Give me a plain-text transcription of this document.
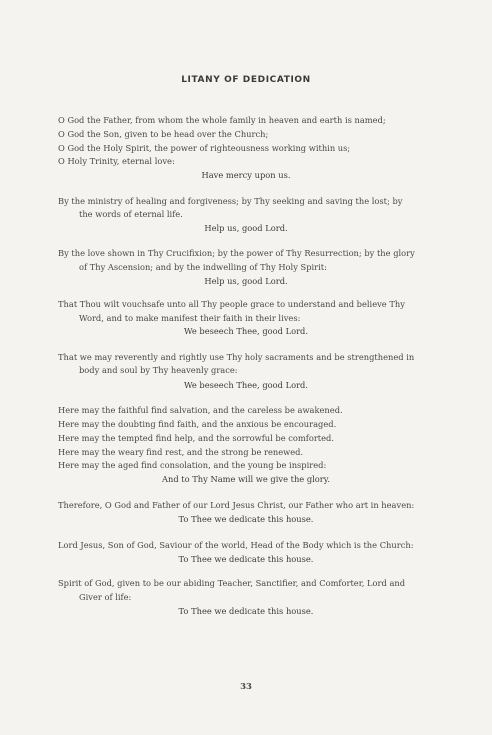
LITANY OF DEDICATION
O God the Father, from whom the whole family in heaven and earth is named;
O God the Son, given to be head over the Church;
O God the Holy Spirit, the power of righteousness working within us;
O Holy Trinity, eternal love:
Have mercy upon us.
By the ministry of healing and forgiveness; by Thy seeking and saving the lost; by
the words of eternal life.
Help us, good Lord.
By the love shown in Thy Crucifixion; by the power of Thy Resurrection; by the glory
of Thy Ascension; and by the indwelling of Thy Holy Spirit:
Help us, good Lord.
That Thou wilt vouchsafe unto all Thy people grace to understand and believe Thy
Word, and to make manifest their faith in their lives:
We beseech Thee, good Lord.
That we may reverently and rightly use Thy holy sacraments and be strengthened in
body and soul by Thy heavenly grace:
We beseech Thee, good Lord.
Here may the faithful find salvation, and the careless be awakened.
Here may the doubting find faith, and the anxious be encouraged.
Here may the tempted find help, and the sorrowful be comforted.
Here may the weary find rest, and the strong be renewed.
Here may the aged find consolation, and the young be inspired:
And to Thy Name will we give the glory.
Therefore, O God and Father of our Lord Jesus Christ, our Father who art in heaven:
To Thee we dedicate this house.
Lord Jesus, Son of God, Saviour of the world, Head of the Body which is the Church:
To Thee we dedicate this house.
Spirit of God, given to be our abiding Teacher, Sanctifier, and Comforter, Lord and
Giver of life:
To Thee we dedicate this house.
33
